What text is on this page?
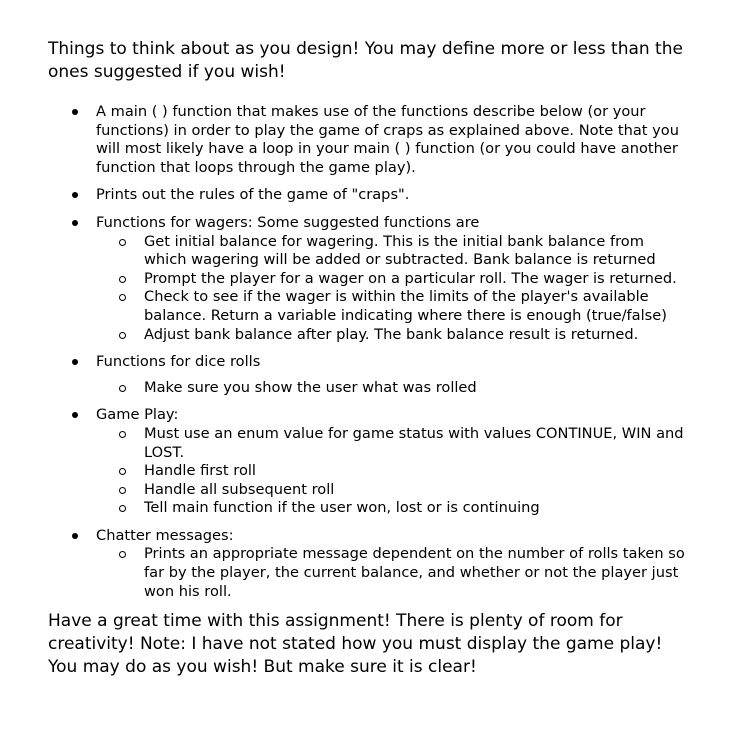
Things to think about as you design! You may define more or less than the ones suggested if you wish!

A main ( ) function that makes use of the functions describe below (or your functions) in order to play the game of craps as explained above. Note that you will most likely have a loop in your main ( ) function (or you could have another function that loops through the game play).
Prints out the rules of the game of "craps".
Functions for wagers: Some suggested functions are
Get initial balance for wagering. This is the initial bank balance from which wagering will be added or subtracted. Bank balance is returned
Prompt the player for a wager on a particular roll. The wager is returned.
Check to see if the wager is within the limits of the player's available balance. Return a variable indicating where there is enough (true/false)
Adjust bank balance after play. The bank balance result is returned.
Functions for dice rolls
Make sure you show the user what was rolled
Game Play:
Must use an enum value for game status with values CONTINUE, WIN and LOST.
Handle first roll
Handle all subsequent roll
Tell main function if the user won, lost or is continuing
Chatter messages:
Prints an appropriate message dependent on the number of rolls taken so far by the player, the current balance, and whether or not the player just won his roll.

Have a great time with this assignment! There is plenty of room for creativity! Note: I have not stated how you must display the game play! You may do as you wish! But make sure it is clear!
